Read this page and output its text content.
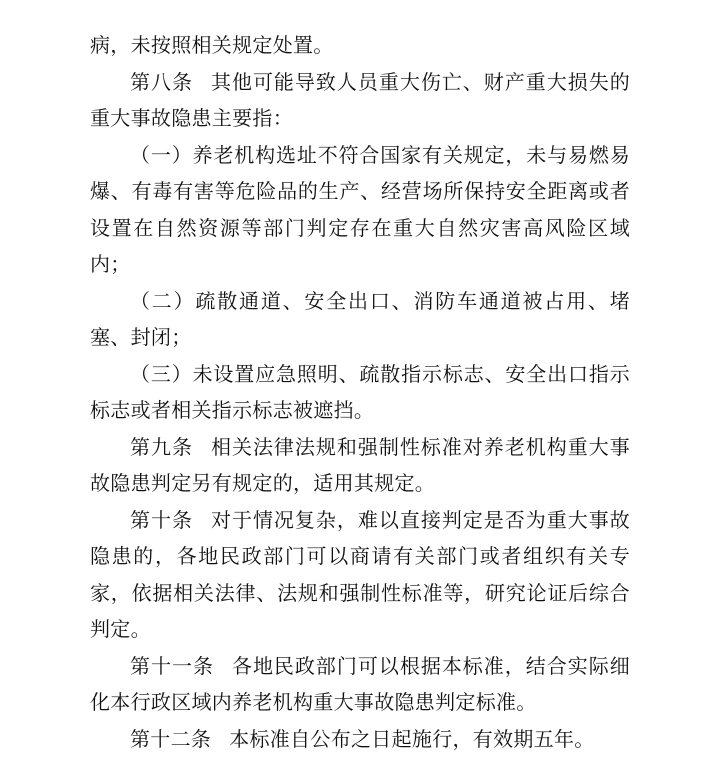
病，未按照相关规定处置。

第八条 其他可能导致人员重大伤亡、财产重大损失的重大事故隐患主要指：

（一）养老机构选址不符合国家有关规定，未与易燃易爆、有毒有害等危险品的生产、经营场所保持安全距离或者设置在自然资源等部门判定存在重大自然灾害高风险区域内；

（二）疏散通道、安全出口、消防车通道被占用、堵塞、封闭；

（三）未设置应急照明、疏散指示标志、安全出口指示标志或者相关指示标志被遮挡。

第九条 相关法律法规和强制性标准对养老机构重大事故隐患判定另有规定的，适用其规定。

第十条 对于情况复杂，难以直接判定是否为重大事故隐患的，各地民政部门可以商请有关部门或者组织有关专家，依据相关法律、法规和强制性标准等，研究论证后综合判定。

第十一条 各地民政部门可以根据本标准，结合实际细化本行政区域内养老机构重大事故隐患判定标准。

第十二条 本标准自公布之日起施行，有效期五年。
